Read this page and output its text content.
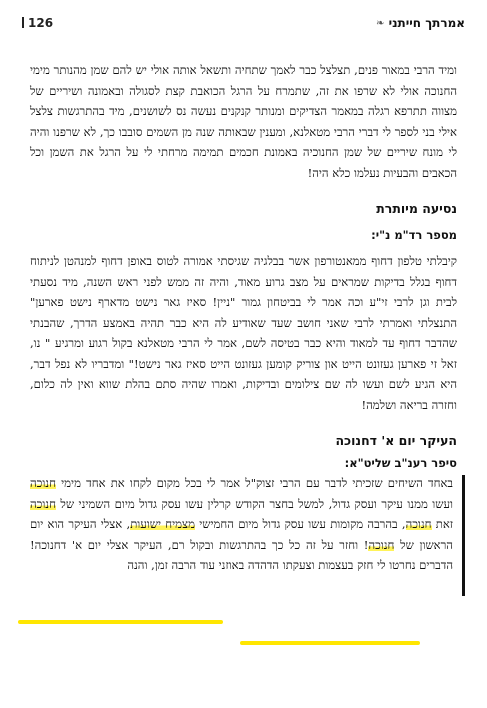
126	אמרתך חייתני
❧

ומיד הרבי במאור פנים, תצלצל כבר לאמך שתחיה ותשאל אותה אולי יש להם שמן מהנותר מימי החנוכה אולי לא שרפו את זה, שתמרח על הרגל הכואבת קצת לסגולה ובאמונה ושיריים של מצווה תתרפא רגלה במאמר הצדיקים ומנותר קנקנים נעשה נס לשושנים, מיד בהתרגשות צלצל אילי בני לספר לי דברי הרבי מטאלנא, ומענין שבאותה שנה מן השמים סובבו כך, לא שרפנו והיה לי מונח שיריים של שמן החנוכיה באמונת חכמים תמימה מרחתי לי על הרגל את השמן וכל הכאבים והבעיות נעלמו כלא היה!

נסיעה מיותרת
מספר רד"מ נ"י:

קיבלתי טלפון דחוף ממאנטורפון אשר בבלגיה שגיסתי אמורה לטוס באופן דחוף למנהטן לניתוח דחוף בגלל בדיקות שמראים על מצב גרוע מאוד, והיה זה ממש לפני ראש השנה, מיד נסעתי לבית וגן לרבי זי"ע וכה אמר לי בביטחון גמור "ניין! סאיז גאר נישט מדארף נישט פארען" התנצלתי ואמרתי לרבי שאני חושב שעד שאודיע לה היא כבר תהיה באמצע הדרך, שהבנתי שהדבר דחוף עד למאוד והיא כבר בטיסה לשם, אמר לי הרבי מטאלנא בקול רגוע ומרגיע " נו, זאל זי פארען געזונט הייט און צוריק קומען געזונט הייט סאיז גאר נישט!" ומדבריו לא נפל דבר, היא הגיע לשם ועשו לה שם צילומים ובדיקות, ואמרו שהיה סתם בהלת שווא ואין לה כלום, וחזרה בריאה ושלמה!

העיקר יום א' דחנוכה
סיפר רענ"ב שליט"א:

באחד השיחים שזכיתי לדבר עם הרבי זצוק"ל אמר לי בכל מקום לקחו את אחד מימי חנוכה ועשו ממנו עיקר ועסק גדול, למשל בחצר הקודש קרלין עשו עסק גדול מיום השמיני של חנוכה זאת חנוכה, בהרבה מקומות עשו עסק גדול מיום החמישי מצמיח ישועות, אצלי העיקר הוא יום הראשון של חנוכה! וחזר על זה כל כך בהתרגשות ובקול רם, העיקר אצלי יום א' דחנוכה! הדברים נחרטו לי חזק בעצמות וצעקתו הדהדה באוזני עוד הרבה זמן, והנה
